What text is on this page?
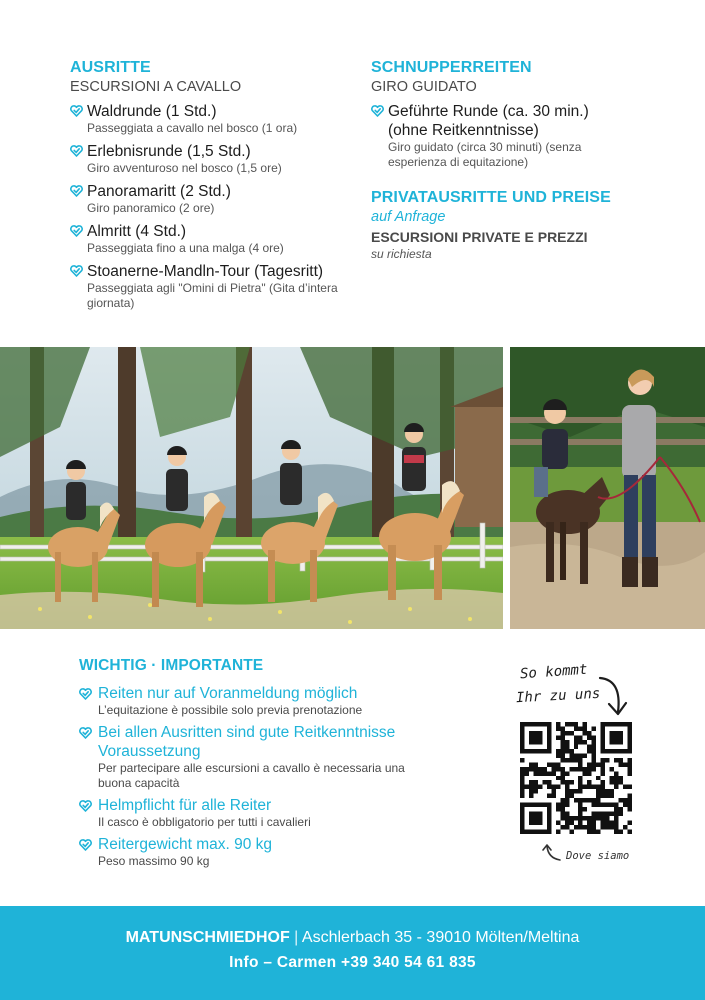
AUSRITTE
ESCURSIONI A CAVALLO
Waldrunde (1 Std.)
Passeggiata a cavallo nel bosco (1 ora)
Erlebnisrunde (1,5 Std.)
Giro avventuroso nel bosco (1,5 ore)
Panoramaritt (2 Std.)
Giro panoramico (2 ore)
Almritt (4 Std.)
Passeggiata fino a una malga (4 ore)
Stoanerne-Mandln-Tour (Tagesritt)
Passeggiata agli "Omini di Pietra" (Gita d’intera giornata)
SCHNUPPERREITEN
GIRO GUIDATO
Geführte Runde (ca. 30 min.) (ohne Reitkenntnisse)
Giro guidato (circa 30 minuti) (senza esperienza di equitazione)
PRIVATAUSRITTE UND PREISE
auf Anfrage
ESCURSIONI PRIVATE E PREZZI
su richiesta
WICHTIG · IMPORTANTE
Reiten nur auf Voranmeldung möglich
L’equitazione è possibile solo previa prenotazione
Bei allen Ausritten sind gute Reitkenntnisse Voraussetzung
Per partecipare alle escursioni a cavallo è necessaria una buona capacità
Helmpflicht für alle Reiter
Il casco è obbligatorio per tutti i cavalieri
Reitergewicht max. 90 kg
Peso massimo 90 kg
So kommt
Ihr zu uns
Dove siamo
MATUNSCHMIEDHOF | Aschlerbach 35 - 39010 Mölten/Meltina
Info – Carmen +39 340 54 61 835
